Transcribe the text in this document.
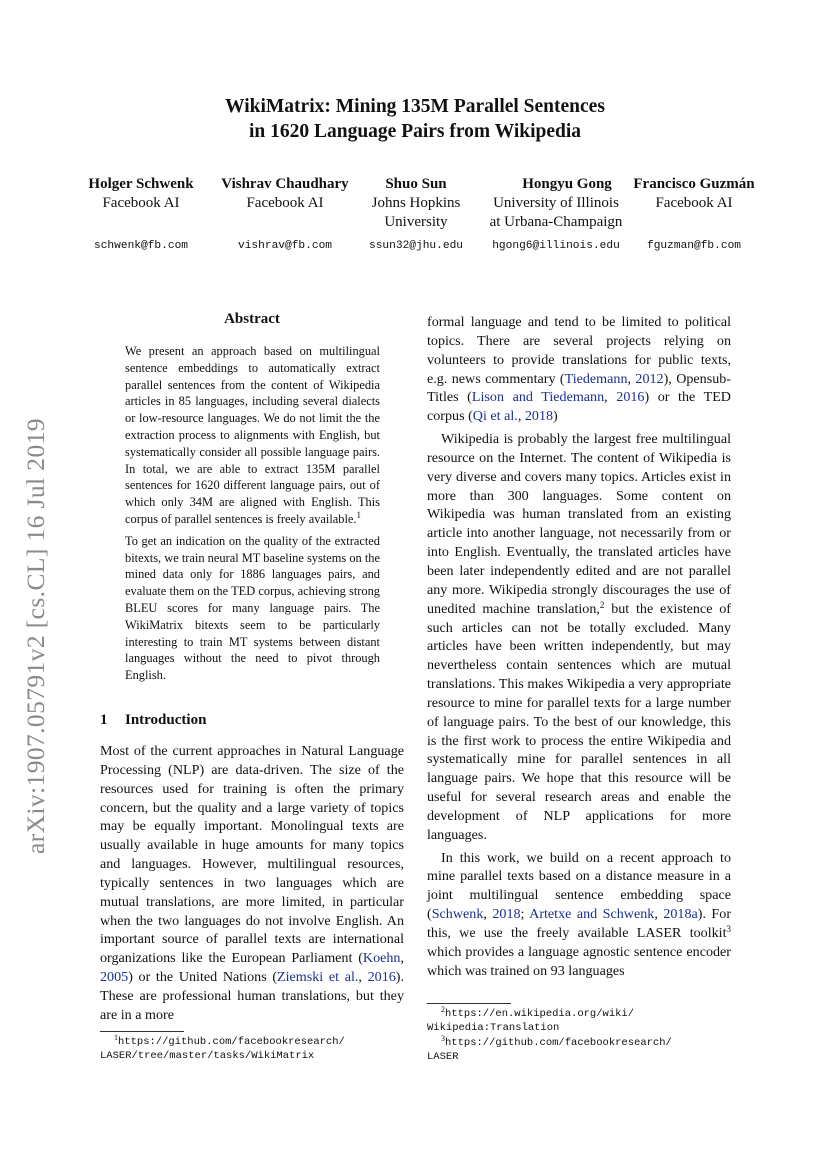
arXiv:1907.05791v2 [cs.CL] 16 Jul 2019
WikiMatrix: Mining 135M Parallel Sentences
in 1620 Language Pairs from Wikipedia
Holger Schwenk
Facebook AI
schwenk@fb.com
Vishrav Chaudhary
Facebook AI
vishrav@fb.com
Shuo Sun
Johns Hopkins
University
ssun32@jhu.edu
Hongyu Gong
University of Illinois
at Urbana-Champaign
hgong6@illinois.edu
Francisco Guzmán
Facebook AI
fguzman@fb.com
Abstract

We present an approach based on multilingual sentence embeddings to automatically extract parallel sentences from the content of Wikipedia articles in 85 languages, including several dialects or low-resource languages. We do not limit the the extraction process to alignments with English, but systematically consider all possible language pairs. In total, we are able to extract 135M parallel sentences for 1620 different language pairs, out of which only 34M are aligned with English. This corpus of parallel sentences is freely available.$^1$

To get an indication on the quality of the extracted bitexts, we train neural MT baseline systems on the mined data only for 1886 languages pairs, and evaluate them on the TED corpus, achieving strong BLEU scores for many language pairs. The WikiMatrix bitexts seem to be particularly interesting to train MT systems between distant languages without the need to pivot through English.

1 Introduction

Most of the current approaches in Natural Language Processing (NLP) are data-driven. The size of the resources used for training is often the primary concern, but the quality and a large variety of topics may be equally important. Monolingual texts are usually available in huge amounts for many topics and languages. However, multilingual resources, typically sentences in two languages which are mutual translations, are more limited, in particular when the two languages do not involve English. An important source of parallel texts are international organizations like the European Parliament (Koehn, 2005) or the United Nations (Ziemski et al., 2016). These are professional human translations, but they are in a more

formal language and tend to be limited to political topics. There are several projects relying on volunteers to provide translations for public texts, e.g. news commentary (Tiedemann, 2012), Opensub-Titles (Lison and Tiedemann, 2016) or the TED corpus (Qi et al., 2018)

Wikipedia is probably the largest free multilingual resource on the Internet. The content of Wikipedia is very diverse and covers many topics. Articles exist in more than 300 languages. Some content on Wikipedia was human translated from an existing article into another language, not necessarily from or into English. Eventually, the translated articles have been later independently edited and are not parallel any more. Wikipedia strongly discourages the use of unedited machine translation,$^2$ but the existence of such articles can not be totally excluded. Many articles have been written independently, but may nevertheless contain sentences which are mutual translations. This makes Wikipedia a very appropriate resource to mine for parallel texts for a large number of language pairs. To the best of our knowledge, this is the first work to process the entire Wikipedia and systematically mine for parallel sentences in all language pairs. We hope that this resource will be useful for several research areas and enable the development of NLP applications for more languages.

In this work, we build on a recent approach to mine parallel texts based on a distance measure in a joint multilingual sentence embedding space (Schwenk, 2018; Artetxe and Schwenk, 2018a). For this, we use the freely available LASER toolkit$^3$ which provides a language agnostic sentence encoder which was trained on 93 languages

$^1$https://github.com/facebookresearch/
LASER/tree/master/tasks/WikiMatrix
$^2$https://en.wikipedia.org/wiki/
Wikipedia:Translation
$^3$https://github.com/facebookresearch/
LASER
